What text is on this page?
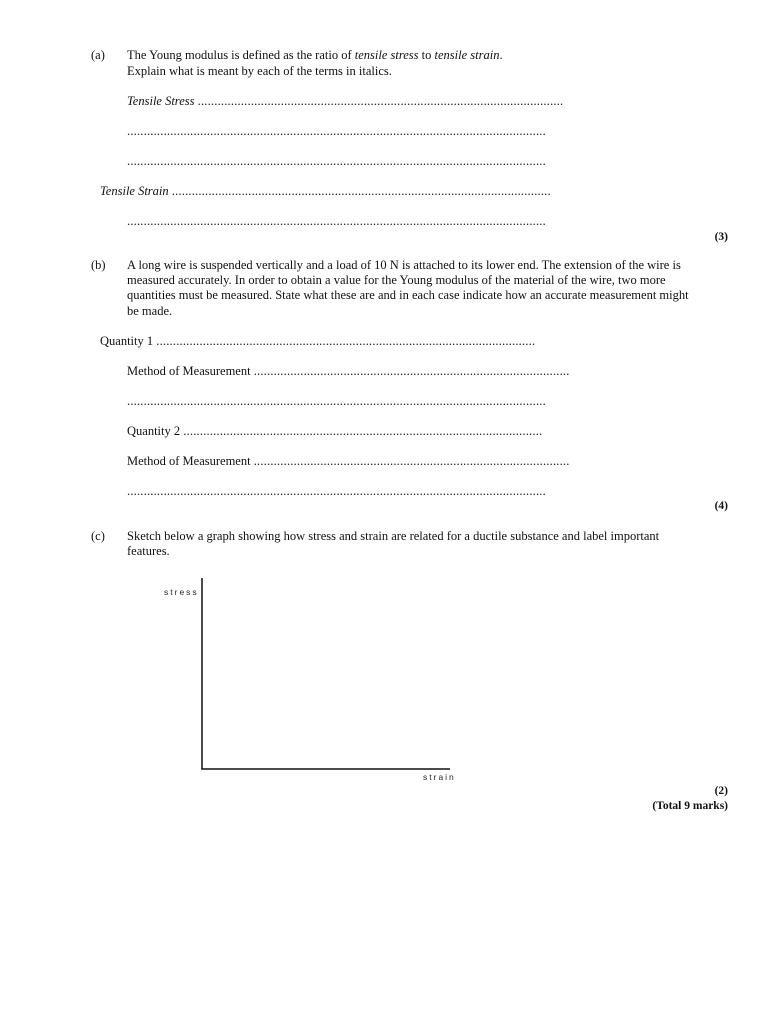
(a) The Young modulus is defined as the ratio of tensile stress to tensile strain.
Explain what is meant by each of the terms in italics.
Tensile Stress ..............................................................................................................
..............................................................................................................................
..............................................................................................................................
Tensile Strain ..................................................................................................................
..............................................................................................................................
(3)
(b) A long wire is suspended vertically and a load of 10 N is attached to its lower end. The extension of the wire is measured accurately. In order to obtain a value for the Young modulus of the material of the wire, two more quantities must be measured. State what these are and in each case indicate how an accurate measurement might be made.
Quantity 1 ..................................................................................................................
Method of Measurement ...............................................................................................
..............................................................................................................................
Quantity 2 ............................................................................................................
Method of Measurement ...............................................................................................
..............................................................................................................................
(4)
(c) Sketch below a graph showing how stress and strain are related for a ductile substance and label important features.
stress
strain
(2)
(Total 9 marks)
